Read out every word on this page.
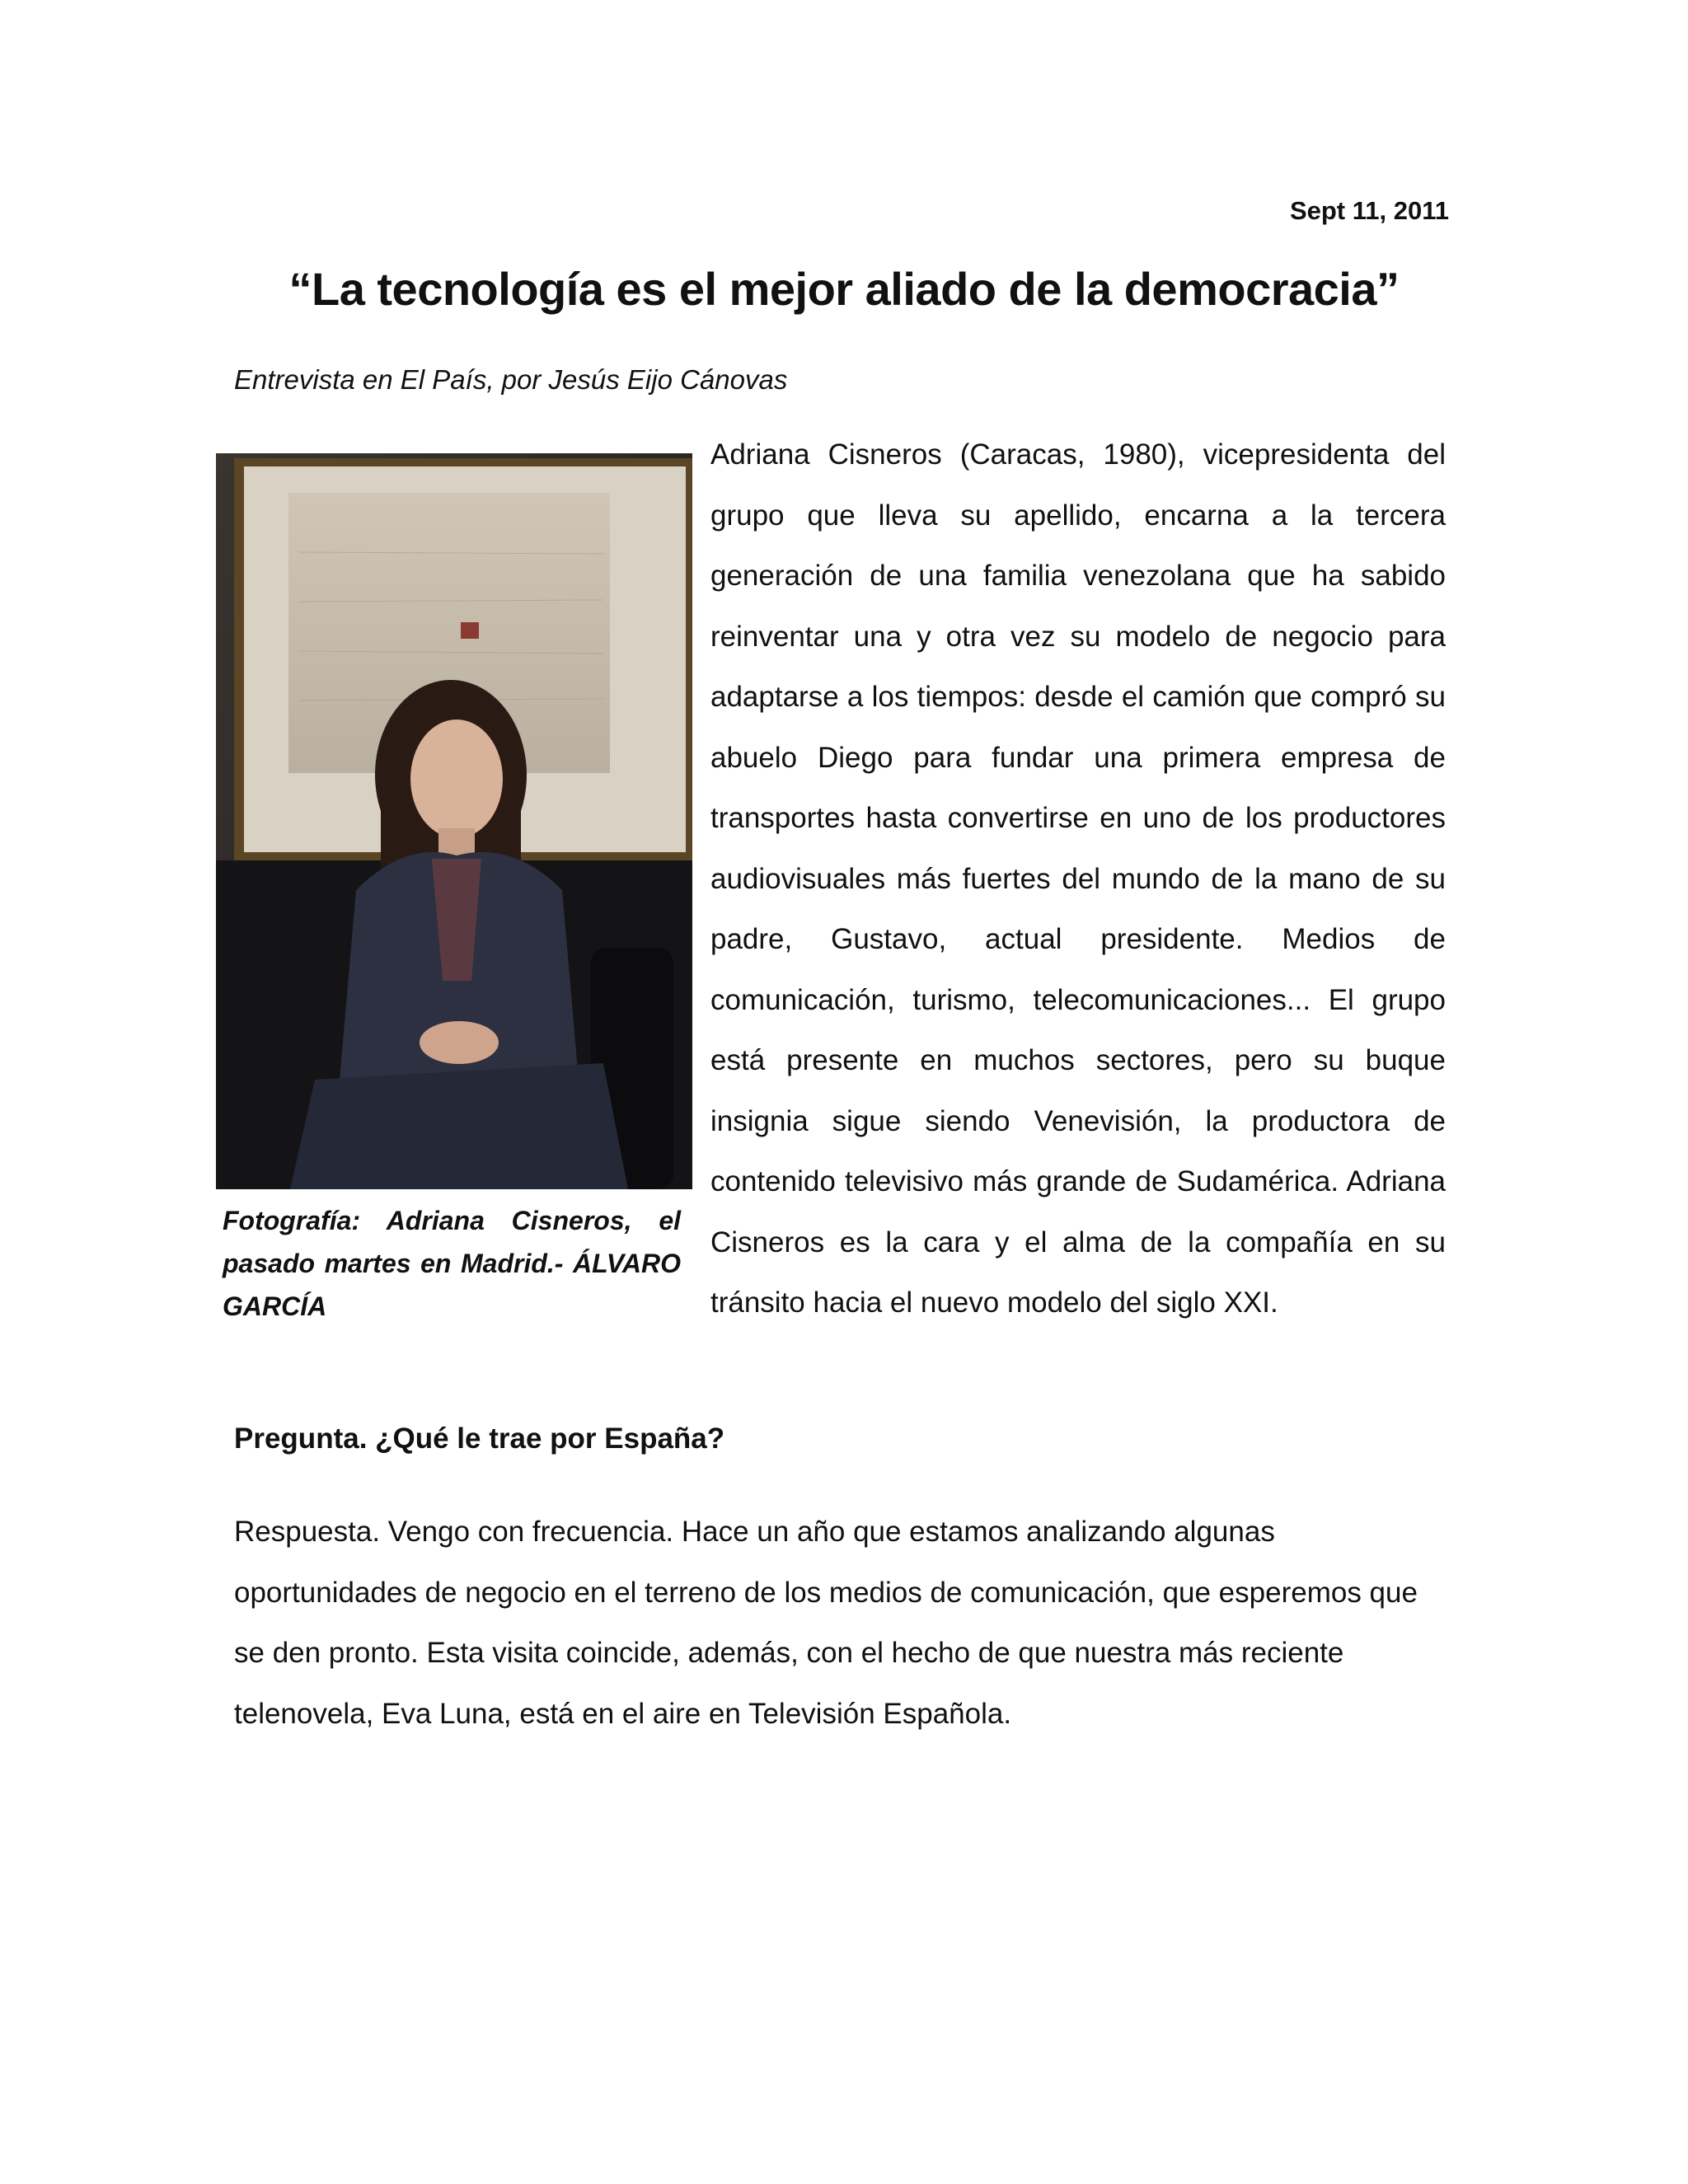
Sept 11, 2011
“La tecnología es el mejor aliado de la democracia”
Entrevista en El País, por Jesús Eijo Cánovas
Fotografía: Adriana Cisneros, el pasado martes en Madrid.- ÁLVARO GARCÍA
Adriana Cisneros (Caracas, 1980), vicepresidenta del grupo que lleva su apellido, encarna a la tercera generación de una familia venezolana que ha sabido reinventar una y otra vez su modelo de negocio para adaptarse a los tiempos: desde el camión que compró su abuelo Diego para fundar una primera empresa de transportes hasta convertirse en uno de los productores audiovisuales más fuertes del mundo de la mano de su padre, Gustavo, actual presidente. Medios de comunicación, turismo, telecomunicaciones... El grupo está presente en muchos sectores, pero su buque insignia sigue siendo Venevisión, la productora de contenido televisivo más grande de Sudamérica. Adriana Cisneros es la cara y el alma de la compañía en su tránsito hacia el nuevo modelo del siglo XXI.
Pregunta. ¿Qué le trae por España?
Respuesta. Vengo con frecuencia. Hace un año que estamos analizando algunas oportunidades de negocio en el terreno de los medios de comunicación, que esperemos que se den pronto. Esta visita coincide, además, con el hecho de que nuestra más reciente telenovela, Eva Luna, está en el aire en Televisión Española.
